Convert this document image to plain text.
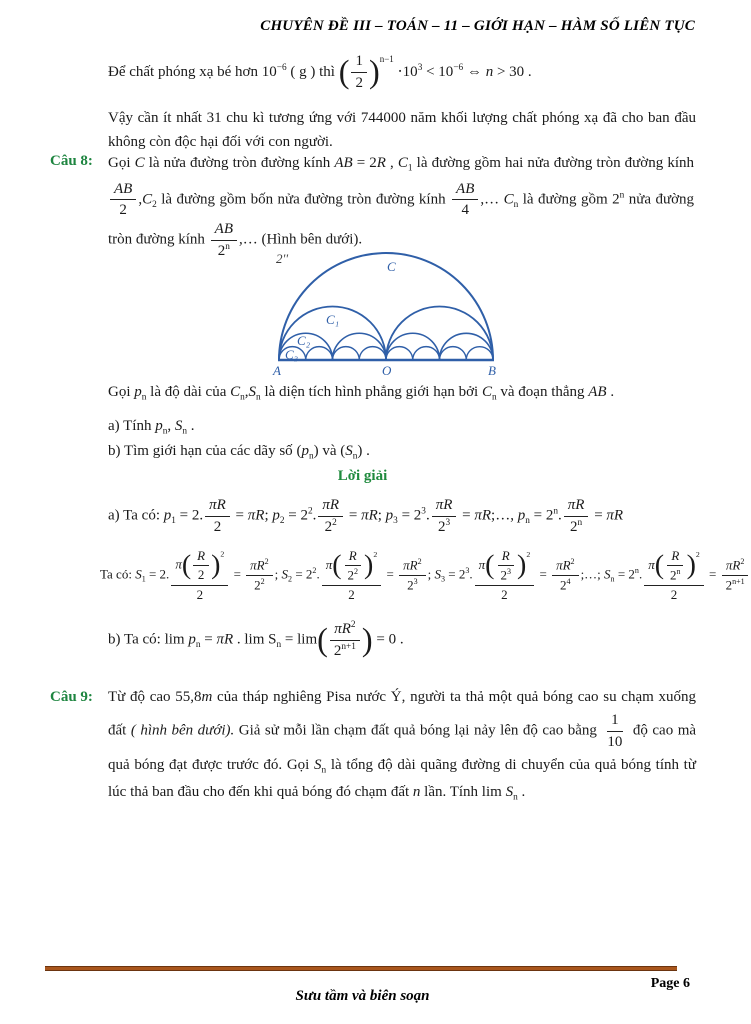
CHUYÊN ĐỀ III – TOÁN – 11 – GIỚI HẠN – HÀM SỐ LIÊN TỤC
Để chất phóng xạ bé hơn $10^{-6}$ ( g ) thì ( $\frac{1}{2} )^{n-1} \cdot 10^3 < 10^{-6}$ ⇔ n > 30 .
Vậy cần ít nhất 31 chu kì tương ứng với 744000 năm khối lượng chất phóng xạ đã cho ban đầu không còn độc hại đối với con người.
Câu 8: Gọi C là nửa đường tròn đường kính AB = 2R , $C_1$ là đường gồm hai nửa đường tròn đường kính
$\frac{AB}{2} ,C_2$ là đường gồm bốn nửa đường tròn đường kính $\frac{AB}{4}$ ,… $C_n$ là đường gồm 2$^n$ nửa đường tròn đường kính $\frac{AB}{2^n}$ ,… (Hình bên dưới).
2''
C
C₁
C₂
C₃
A	O	B
Gọi $p_n$ là độ dài của $C_n,S_n$ là diện tích hình phẳng giới hạn bởi $C_n$ và đoạn thẳng AB .
a) Tính $p_n$, $S_n$ .
b) Tìm giới hạn của các dãy số $(p_n)$ và $(S_n)$ .
Lời giải
a) Ta có: $p_1 = 2$. $\frac{\pi R}{2} = \pi R$; $p_2 = 2^2$. $\frac{\pi R}{2^2} = \pi R$; $p_3 = 2^3$. $\frac{\pi R}{2^3}$ = πR;…, $p_n = 2^n$. $\frac{\pi R}{2^n} = \pi R$
Ta có: $S_1 = 2$. $\frac{\pi( \frac{R}{2} )^2}{2} = \frac{\pi R^2}{2^2}$ ; $S_2 = 2^2$. $\frac{\pi( \frac{R}{2^2} )^2}{2} = \frac{\pi R^2}{2^3}$ ; $S_3 = 2^3$. $\frac{\pi( \frac{R}{2^3} )^2}{2} = \frac{\pi R^2}{2^4}$ ;…; $S_n = 2^n$. $\frac{\pi( \frac{R}{2^n} )^2}{2} = \frac{\pi R^2}{2^{n+1}}$
b) Ta có: $\lim p_n = \pi R$ . $\lim S_n = \lim( \frac{\pi R^2}{2^{n+1}}$ ) = 0 .
Câu 9: Từ độ cao 55,8m của tháp nghiêng Pisa nước Ý, người ta thả một quả bóng cao su chạm xuống đất ( hình bên dưới). Giả sử mỗi lần chạm đất quả bóng lại nảy lên độ cao bằng $\frac{1}{10}$ độ cao mà quả bóng đạt được trước đó. Gọi $S_n$ là tổng độ dài quãng đường di chuyển của quả bóng tính từ lúc thả ban đầu cho đến khi quả bóng đó chạm đất n lần. Tính $\lim S_n$ .
Page 6
Sưu tầm và biên soạn
